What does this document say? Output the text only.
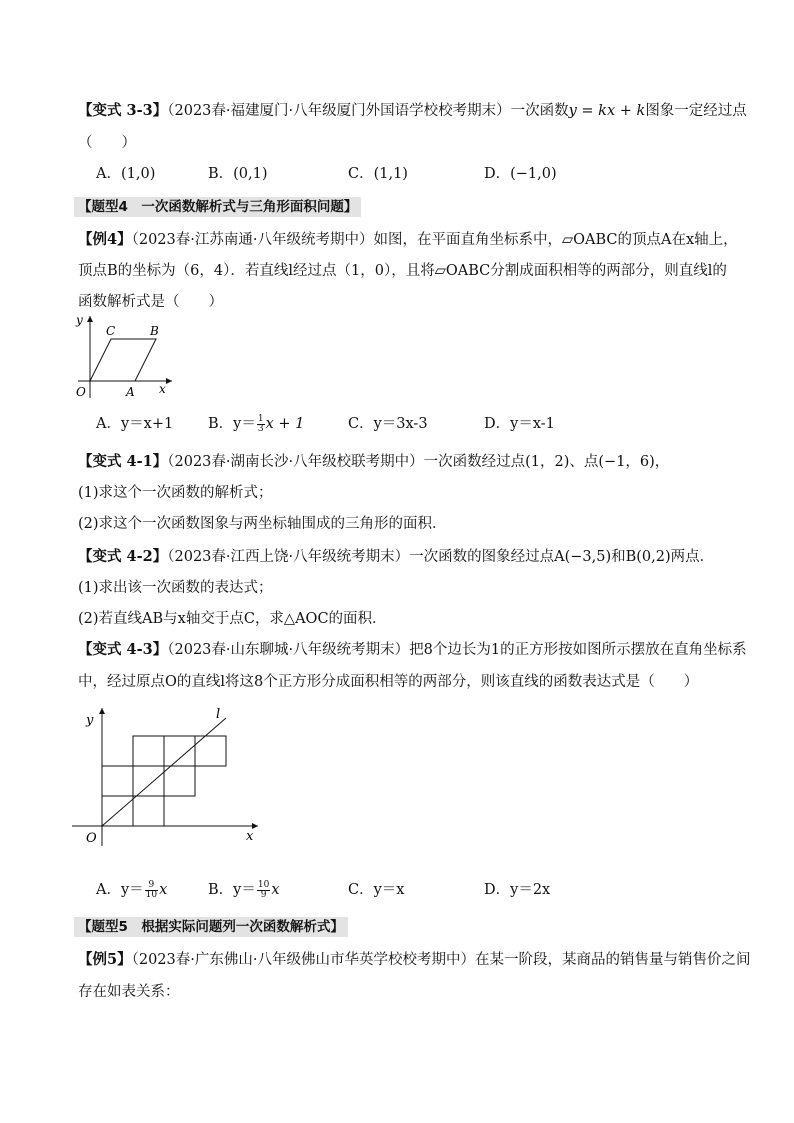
【变式 3-3】（2023春·福建厦门·八年级厦门外国语学校校考期末）一次函数y = kx + k图象一定经过点
（　　）
A．(1,0)	B．(0,1)	C．(1,1)	D．(−1,0)
【题型4　一次函数解析式与三角形面积问题】
【例4】（2023春·江苏南通·八年级统考期中）如图，在平面直角坐标系中，▱OABC的顶点A在x轴上，
顶点B的坐标为（6，4）．若直线l经过点（1，0），且将▱OABC分割成面积相等的两部分，则直线l的
函数解析式是（　　）
y
x
O	A
B
C
A．y＝x+1 B．$y= \frac{1}{3}$ x + 1	C．y＝3x-3	D．y＝x-1
【变式 4-1】（2023春·湖南长沙·八年级校联考期中）一次函数经过点(1，2)、点(−1，6)，
(1)求这个一次函数的解析式；
(2)求这个一次函数图象与两坐标轴围成的三角形的面积．
【变式 4-2】（2023春·江西上饶·八年级统考期末）一次函数的图象经过点A(−3,5)和B(0,2)两点．
(1)求出该一次函数的表达式；
(2)若直线AB与x轴交于点C，求△AOC的面积．
【变式 4-3】（2023春·山东聊城·八年级统考期末）把8个边长为1的正方形按如图所示摆放在直角坐标系
中，经过原点O的直线l将这8个正方形分成面积相等的两部分，则该直线的函数表达式是（　　）
y
x
O
l
A．$y= \frac{9}{10}$ x	B．$y= \frac{10}{9}$ x	C．y＝x	D．y＝2x
【题型5　根据实际问题列一次函数解析式】
【例5】（2023春·广东佛山·八年级佛山市华英学校校考期中）在某一阶段，某商品的销售量与销售价之间
存在如表关系：
